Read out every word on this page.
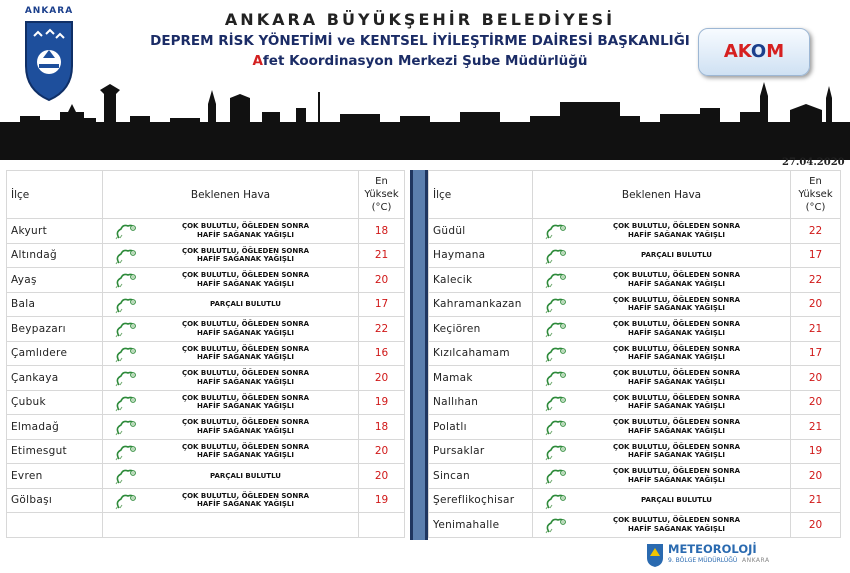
ANKARA	ANKARA BÜYÜKŞEHİR BELEDİYESİ
DEPREM RİSK YÖNETİMİ ve KENTSEL İYİLEŞTİRME DAİRESİ BAŞKANLIĞI
Afet Koordinasyon Merkezi Şube Müdürlüğü	AKOM
27.04.2020
İlçe	Beklenen Hava	En
Yüksek
(°C)
Akyurt	ÇOK BULUTLU, ÖĞLEDEN SONRA
HAFİF SAĞANAK YAĞIŞLI	18
Altındağ	ÇOK BULUTLU, ÖĞLEDEN SONRA
HAFİF SAĞANAK YAĞIŞLI	21
Ayaş	ÇOK BULUTLU, ÖĞLEDEN SONRA
HAFİF SAĞANAK YAĞIŞLI	20
Bala	PARÇALI BULUTLU	17
Beypazarı	ÇOK BULUTLU, ÖĞLEDEN SONRA
HAFİF SAĞANAK YAĞIŞLI	22
Çamlıdere	ÇOK BULUTLU, ÖĞLEDEN SONRA
HAFİF SAĞANAK YAĞIŞLI	16
Çankaya	ÇOK BULUTLU, ÖĞLEDEN SONRA
HAFİF SAĞANAK YAĞIŞLI	20
Çubuk	ÇOK BULUTLU, ÖĞLEDEN SONRA
HAFİF SAĞANAK YAĞIŞLI	19
Elmadağ	ÇOK BULUTLU, ÖĞLEDEN SONRA
HAFİF SAĞANAK YAĞIŞLI	18
Etimesgut	ÇOK BULUTLU, ÖĞLEDEN SONRA
HAFİF SAĞANAK YAĞIŞLI	20
Evren	PARÇALI BULUTLU	20
Gölbaşı	ÇOK BULUTLU, ÖĞLEDEN SONRA
HAFİF SAĞANAK YAĞIŞLI	19

İlçe	Beklenen Hava	En
Yüksek
(°C)
Güdül	ÇOK BULUTLU, ÖĞLEDEN SONRA
HAFİF SAĞANAK YAĞIŞLI	22
Haymana	PARÇALI BULUTLU	17
Kalecik	ÇOK BULUTLU, ÖĞLEDEN SONRA
HAFİF SAĞANAK YAĞIŞLI	22
Kahramankazan	ÇOK BULUTLU, ÖĞLEDEN SONRA
HAFİF SAĞANAK YAĞIŞLI	20
Keçiören	ÇOK BULUTLU, ÖĞLEDEN SONRA
HAFİF SAĞANAK YAĞIŞLI	21
Kızılcahamam	ÇOK BULUTLU, ÖĞLEDEN SONRA
HAFİF SAĞANAK YAĞIŞLI	17
Mamak	ÇOK BULUTLU, ÖĞLEDEN SONRA
HAFİF SAĞANAK YAĞIŞLI	20
Nallıhan	ÇOK BULUTLU, ÖĞLEDEN SONRA
HAFİF SAĞANAK YAĞIŞLI	20
Polatlı	ÇOK BULUTLU, ÖĞLEDEN SONRA
HAFİF SAĞANAK YAĞIŞLI	21
Pursaklar	ÇOK BULUTLU, ÖĞLEDEN SONRA
HAFİF SAĞANAK YAĞIŞLI	19
Sincan	ÇOK BULUTLU, ÖĞLEDEN SONRA
HAFİF SAĞANAK YAĞIŞLI	20
Şereflikoçhisar	PARÇALI BULUTLU	21
Yenimahalle	ÇOK BULUTLU, ÖĞLEDEN SONRA
HAFİF SAĞANAK YAĞIŞLI	20
METEOROLOJİ
9. BÖLGE MÜDÜRLÜĞÜ ANKARA
